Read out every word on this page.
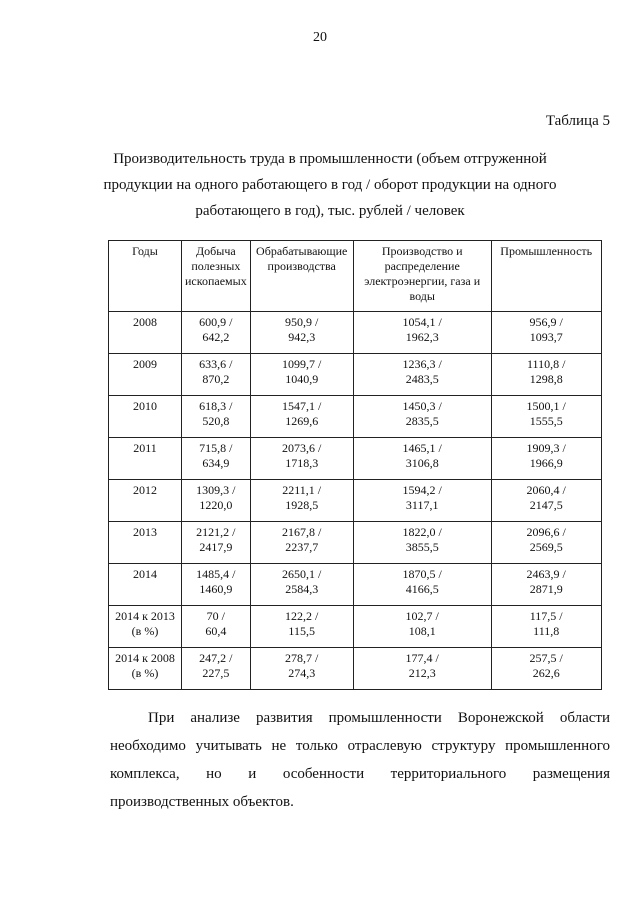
20
Таблица 5
Производительность труда в промышленности (объем отгруженной продукции на одного работающего в год / оборот продукции на одного работающего в год), тыс. рублей / человек
Годы	Добыча полезных ископаемых	Обрабатывающие производства	Производство и распределение электроэнергии, газа и воды	Промышленность
2008	600,9 /
642,2	950,9 /
942,3	1054,1 /
1962,3	956,9 /
1093,7

2009	633,6 /
870,2	1099,7 /
1040,9	1236,3 /
2483,5	1110,8 /
1298,8

2010	618,3 /
520,8	1547,1 /
1269,6	1450,3 /
2835,5	1500,1 /
1555,5

2011	715,8 /
634,9	2073,6 /
1718,3	1465,1 /
3106,8	1909,3 /
1966,9

2012	1309,3 /
1220,0	2211,1 /
1928,5	1594,2 /
3117,1	2060,4 /
2147,5

2013	2121,2 /
2417,9	2167,8 /
2237,7	1822,0 /
3855,5	2096,6 /
2569,5

2014	1485,4 /
1460,9	2650,1 /
2584,3	1870,5 /
4166,5	2463,9 /
2871,9

2014 к 2013 (в %)	70 /
60,4	122,2 /
115,5	102,7 /
108,1	117,5 /
111,8

2014 к 2008 (в %)	247,2 /
227,5	278,7 /
274,3	177,4 /
212,3	257,5 /
262,6
При анализе развития промышленности Воронежской области
необходимо учитывать не только отраслевую структуру промышленного
комплекса, но и особенности территориального размещения
производственных объектов.
